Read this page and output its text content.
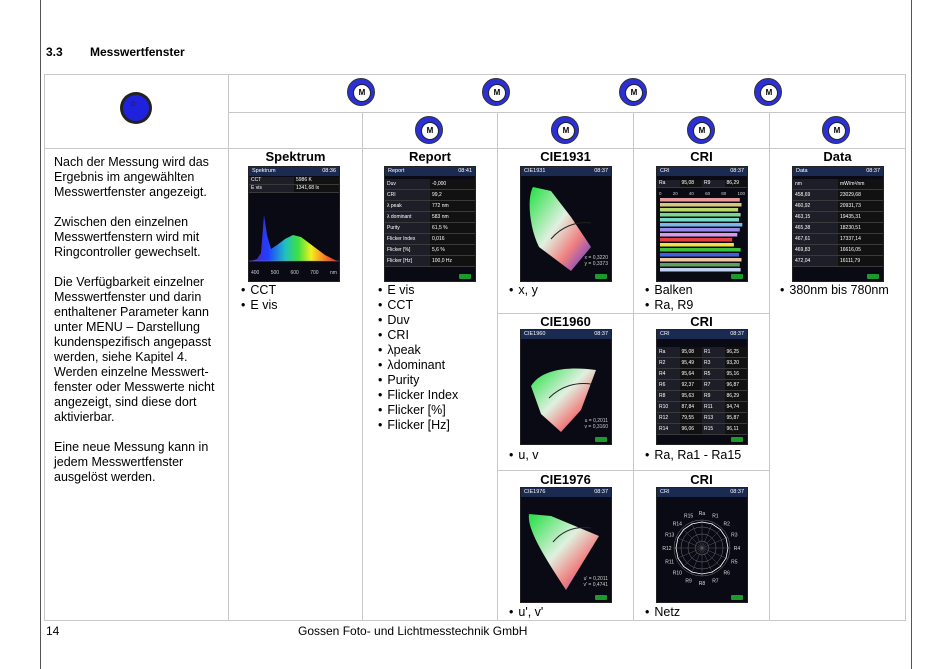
3.3 Messwertfenster
O
M	M	M	M
M	M	M	M

Nach der Messung wird das Ergebnis im angewählten Messwertfenster angezeigt.

Zwischen den einzelnen Messwertfenstern wird mit Ringcontroller gewechselt.

Die Verfügbarkeit einzelner Messwertfenster und darin enthaltener Parameter kann unter MENU – Darstellung kundenspezifisch angepasst werden, siehe Kapitel 4. Werden einzelne Messwert-fenster oder Messwerte nicht angezeigt, sind diese dort aktivierbar.

Eine neue Messung kann in jedem Messwertfenster ausgelöst werden.

Spektrum
Spektrum	08:36
CCT	5986 K
E vis	1341,68 lx
400 500 600 700 nm
• CCT
• E vis
Report
Report	08:41
Duv	-0,000
CRI	99,2
λ peak	772 nm
λ dominant	583 nm
Purity	61,5 %
Flicker Index	0,016
Flicker [%]	5,6 %
Flicker [Hz]	100,0 Hz
• E vis
• CCT
• Duv
• CRI
• λpeak
• λdominant
• Purity
• Flicker Index
• Flicker [%]
• Flicker [Hz]
CIE1931
CIE1931	08:37
x = 0,3220
y = 0,3373
• x, y
CIE1960
CIE1960	08:37
u = 0,2011
v = 0,3160
• u, v
CIE1976
CIE1976	08:37
u' = 0,2011
v' = 0,4741
• u', v'
CRI
CRI	08:37
Ra	95,08	R9	86,29
0 20 40 60 80 100
• Balken
• Ra, R9
CRI
CRI	08:37
Ra	95,08	R1	96,25
R2	95,49	R3	93,20
R4	95,64	R5	95,16
R6	92,37	R7	96,87
R8	95,63	R9	86,29
R10	87,84	R11	94,74
R12	79,55	R13	95,87
R14	96,06	R15	96,11
• Ra, Ra1 - Ra15
CRI
CRI	08:37
Ra R1
R2
R3
R4
R5
R6
R7
R8
R9
R10
R11
R12
R13
R14
R15
• Netz
Data
Data	08:37
nm	mW/m²/nm
458,69	23029,68
460,92	20931,73
463,15	19435,31
465,38	18230,51
467,61	17337,14
469,83	16616,05
472,04	16111,79
• 380nm bis 780nm
14	Gossen Foto- und Lichtmesstechnik GmbH
